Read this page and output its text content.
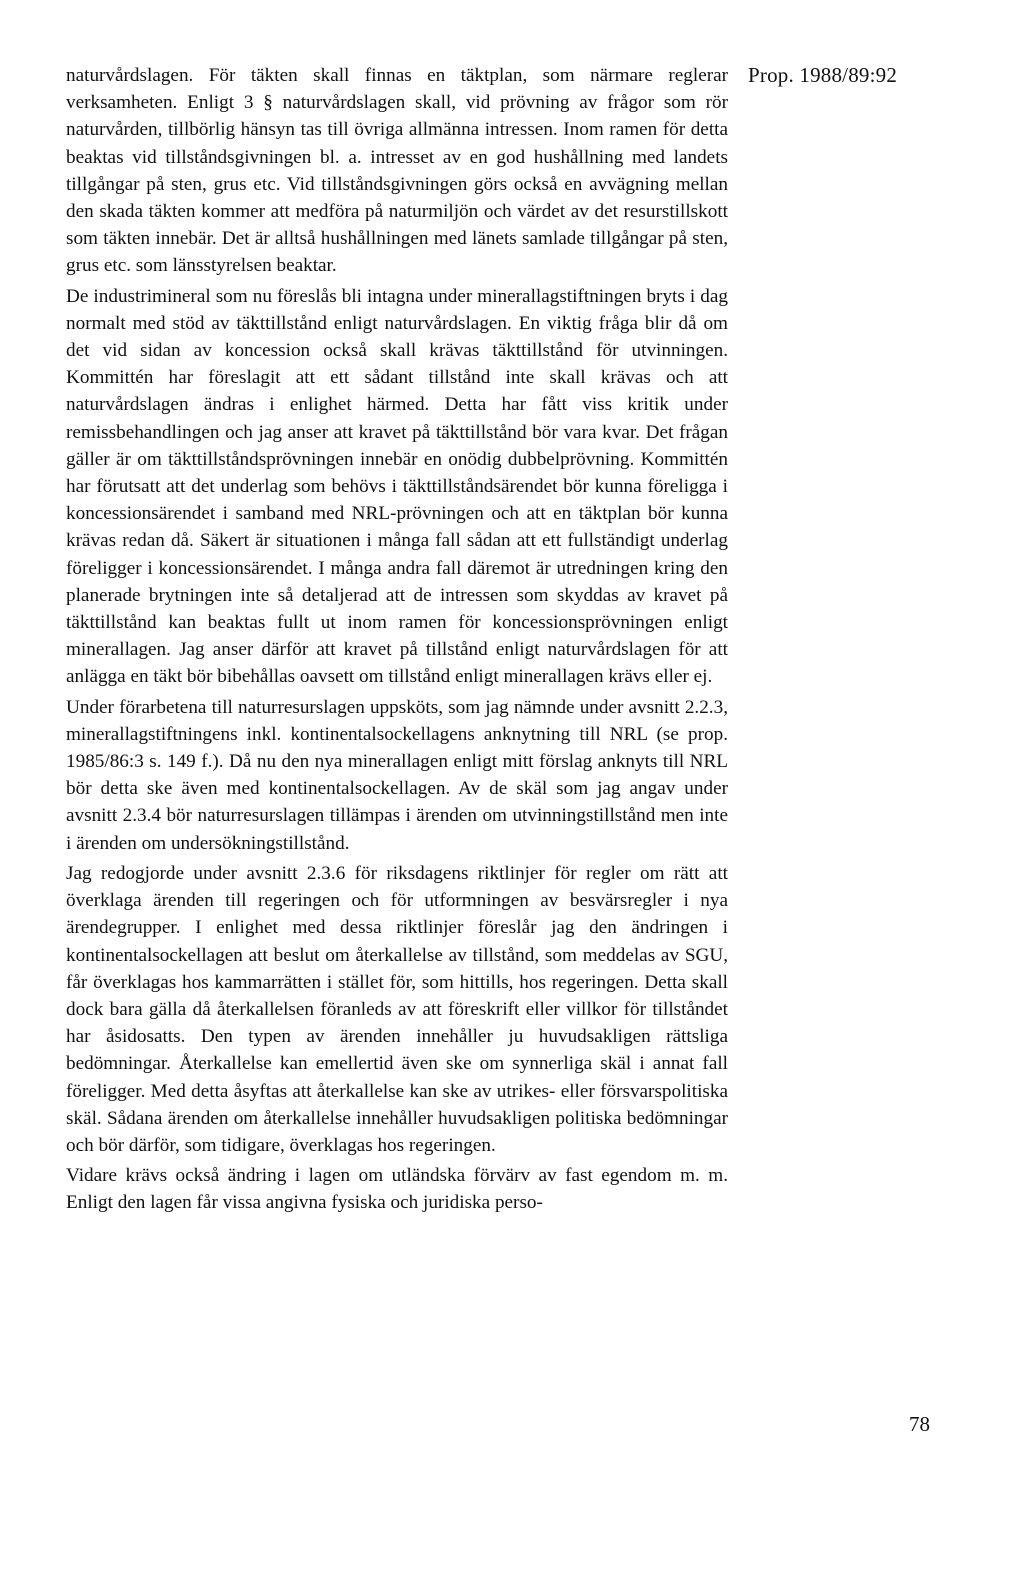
Prop. 1988/89:92

naturvårdslagen. För täkten skall finnas en täktplan, som närmare reglerar verksamheten. Enligt 3 § naturvårdslagen skall, vid prövning av frågor som rör naturvården, tillbörlig hänsyn tas till övriga allmänna intressen. Inom ramen för detta beaktas vid tillståndsgivningen bl. a. intresset av en god hushållning med landets tillgångar på sten, grus etc. Vid tillståndsgivningen görs också en avvägning mellan den skada täkten kommer att medföra på naturmiljön och värdet av det resurstillskott som täkten innebär. Det är alltså hushållningen med länets samlade tillgångar på sten, grus etc. som länsstyrelsen beaktar.

De industrimineral som nu föreslås bli intagna under minerallagstiftningen bryts i dag normalt med stöd av täkttillstånd enligt naturvårdslagen. En viktig fråga blir då om det vid sidan av koncession också skall krävas täkttillstånd för utvinningen. Kommittén har föreslagit att ett sådant tillstånd inte skall krävas och att naturvårdslagen ändras i enlighet härmed. Detta har fått viss kritik under remissbehandlingen och jag anser att kravet på täkttillstånd bör vara kvar. Det frågan gäller är om täkttillståndsprövningen innebär en onödig dubbelprövning. Kommittén har förutsatt att det underlag som behövs i täkttillståndsärendet bör kunna föreligga i koncessionsärendet i samband med NRL-prövningen och att en täktplan bör kunna krävas redan då. Säkert är situationen i många fall sådan att ett fullständigt underlag föreligger i koncessionsärendet. I många andra fall däremot är utredningen kring den planerade brytningen inte så detaljerad att de intressen som skyddas av kravet på täkttillstånd kan beaktas fullt ut inom ramen för koncessionsprövningen enligt minerallagen. Jag anser därför att kravet på tillstånd enligt naturvårdslagen för att anlägga en täkt bör bibehållas oavsett om tillstånd enligt minerallagen krävs eller ej.

Under förarbetena till naturresurslagen uppsköts, som jag nämnde under avsnitt 2.2.3, minerallagstiftningens inkl. kontinentalsockellagens anknytning till NRL (se prop. 1985/86:3 s. 149 f.). Då nu den nya minerallagen enligt mitt förslag anknyts till NRL bör detta ske även med kontinentalsockellagen. Av de skäl som jag angav under avsnitt 2.3.4 bör naturresurslagen tillämpas i ärenden om utvinningstillstånd men inte i ärenden om undersökningstillstånd.

Jag redogjorde under avsnitt 2.3.6 för riksdagens riktlinjer för regler om rätt att överklaga ärenden till regeringen och för utformningen av besvärsregler i nya ärendegrupper. I enlighet med dessa riktlinjer föreslår jag den ändringen i kontinentalsockellagen att beslut om återkallelse av tillstånd, som meddelas av SGU, får överklagas hos kammarrätten i stället för, som hittills, hos regeringen. Detta skall dock bara gälla då återkallelsen föranleds av att föreskrift eller villkor för tillståndet har åsidosatts. Den typen av ärenden innehåller ju huvudsakligen rättsliga bedömningar. Återkallelse kan emellertid även ske om synnerliga skäl i annat fall föreligger. Med detta åsyftas att återkallelse kan ske av utrikes- eller försvarspolitiska skäl. Sådana ärenden om återkallelse innehåller huvudsakligen politiska bedömningar och bör därför, som tidigare, överklagas hos regeringen.

Vidare krävs också ändring i lagen om utländska förvärv av fast egendom m. m. Enligt den lagen får vissa angivna fysiska och juridiska perso-

78
